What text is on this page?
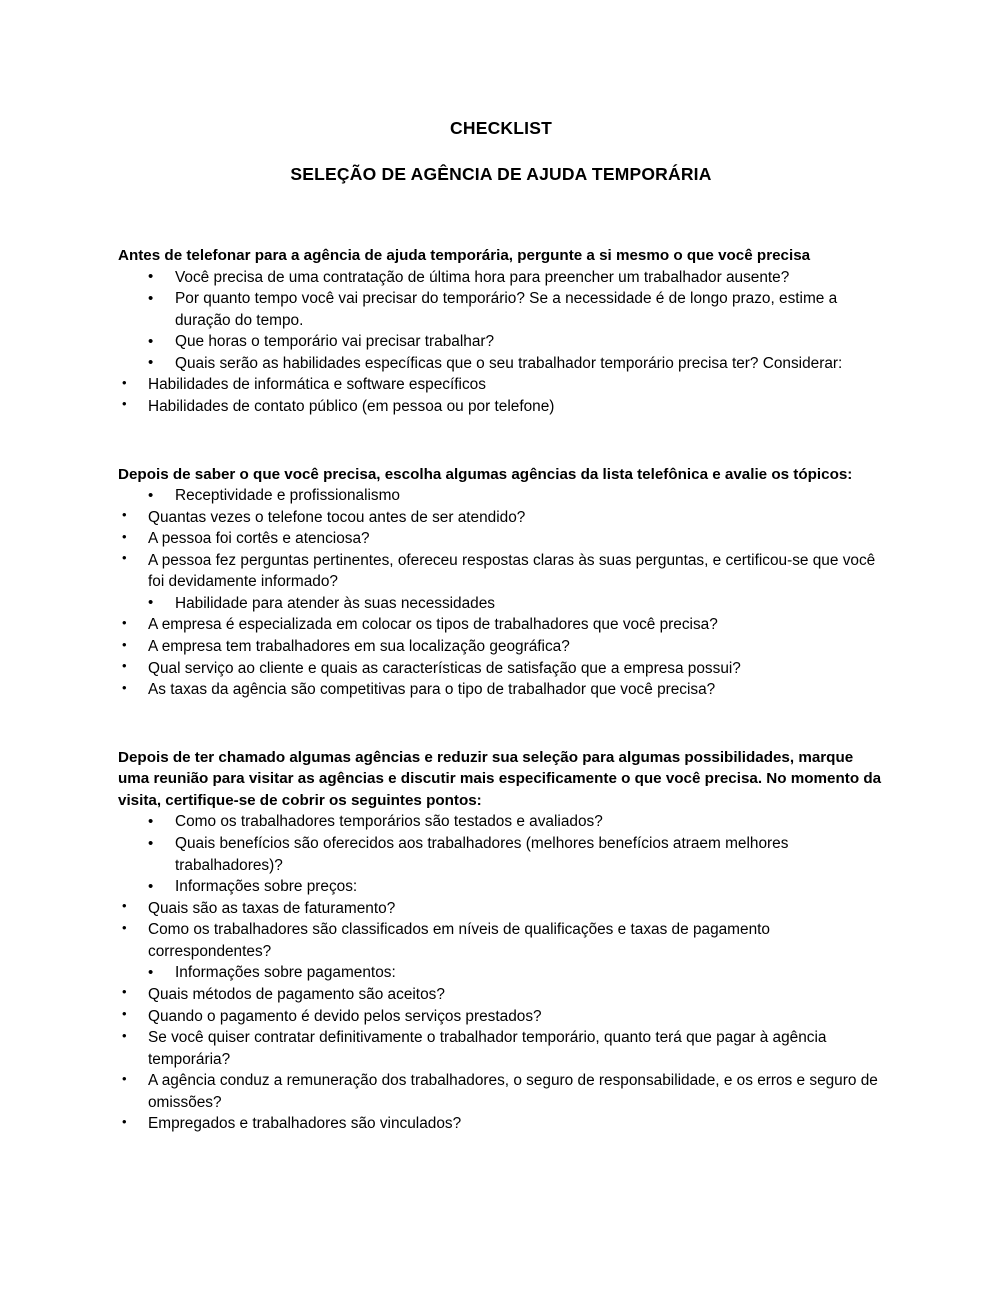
CHECKLIST
SELEÇÃO DE AGÊNCIA DE AJUDA TEMPORÁRIA

Antes de telefonar para a agência de ajuda temporária, pergunte a si mesmo o que você precisa

• Você precisa de uma contratação de última hora para preencher um trabalhador ausente?
• Por quanto tempo você vai precisar do temporário? Se a necessidade é de longo prazo, estime a duração do tempo.
• Que horas o temporário vai precisar trabalhar?
• Quais serão as habilidades específicas que o seu trabalhador temporário precisa ter? Considerar:
• Habilidades de informática e software específicos
• Habilidades de contato público (em pessoa ou por telefone)

Depois de saber o que você precisa, escolha algumas agências da lista telefônica e avalie os tópicos:

• Receptividade e profissionalismo
• Quantas vezes o telefone tocou antes de ser atendido?
• A pessoa foi cortês e atenciosa?
• A pessoa fez perguntas pertinentes, ofereceu respostas claras às suas perguntas, e certificou-se que você foi devidamente informado?
• Habilidade para atender às suas necessidades
• A empresa é especializada em colocar os tipos de trabalhadores que você precisa?
• A empresa tem trabalhadores em sua localização geográfica?
• Qual serviço ao cliente e quais as características de satisfação que a empresa possui?
• As taxas da agência são competitivas para o tipo de trabalhador que você precisa?

Depois de ter chamado algumas agências e reduzir sua seleção para algumas possibilidades, marque uma reunião para visitar as agências e discutir mais especificamente o que você precisa. No momento da visita, certifique-se de cobrir os seguintes pontos:

• Como os trabalhadores temporários são testados e avaliados?
• Quais benefícios são oferecidos aos trabalhadores (melhores benefícios atraem melhores trabalhadores)?
• Informações sobre preços:
• Quais são as taxas de faturamento?
• Como os trabalhadores são classificados em níveis de qualificações e taxas de pagamento correspondentes?
• Informações sobre pagamentos:
• Quais métodos de pagamento são aceitos?
• Quando o pagamento é devido pelos serviços prestados?
• Se você quiser contratar definitivamente o trabalhador temporário, quanto terá que pagar à agência temporária?
• A agência conduz a remuneração dos trabalhadores, o seguro de responsabilidade, e os erros e seguro de omissões?
• Empregados e trabalhadores são vinculados?
